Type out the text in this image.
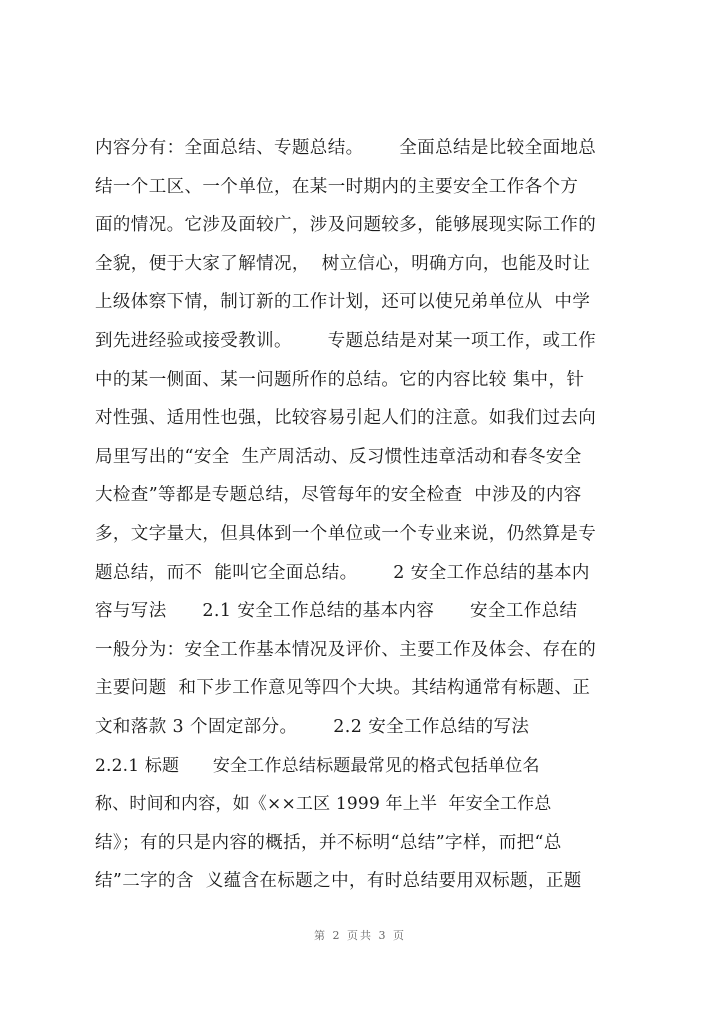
内容分有：全面总结、专题总结。      全面总结是比较全面地总
结一个工区、一个单位，在某一时期内的主要安全工作各个方
面的情况。它涉及面较广，涉及问题较多，能够展现实际工作的
全貌，便于大家了解情况，  树立信心，明确方向，也能及时让
上级体察下情，制订新的工作计划，还可以使兄弟单位从  中学
到先进经验或接受教训。      专题总结是对某一项工作，或工作
中的某一侧面、某一问题所作的总结。它的内容比较 集中，针
对性强、适用性也强，比较容易引起人们的注意。如我们过去向
局里写出的“安全  生产周活动、反习惯性违章活动和春冬安全
大检查”等都是专题总结，尽管每年的安全检查  中涉及的内容
多，文字量大，但具体到一个单位或一个专业来说，仍然算是专
题总结，而不  能叫它全面总结。      2 安全工作总结的基本内
容与写法      2.1 安全工作总结的基本内容      安全工作总结
一般分为：安全工作基本情况及评价、主要工作及体会、存在的
主要问题  和下步工作意见等四个大块。其结构通常有标题、正
文和落款 3 个固定部分。      2.2 安全工作总结的写法
2.2.1 标题      安全工作总结标题最常见的格式包括单位名
称、时间和内容，如《××工区 1999 年上半  年安全工作总
结》；有的只是内容的概括，并不标明“总结”字样，而把“总
结”二字的含  义蕴含在标题之中，有时总结要用双标题，正题
第 2 页共 3 页
